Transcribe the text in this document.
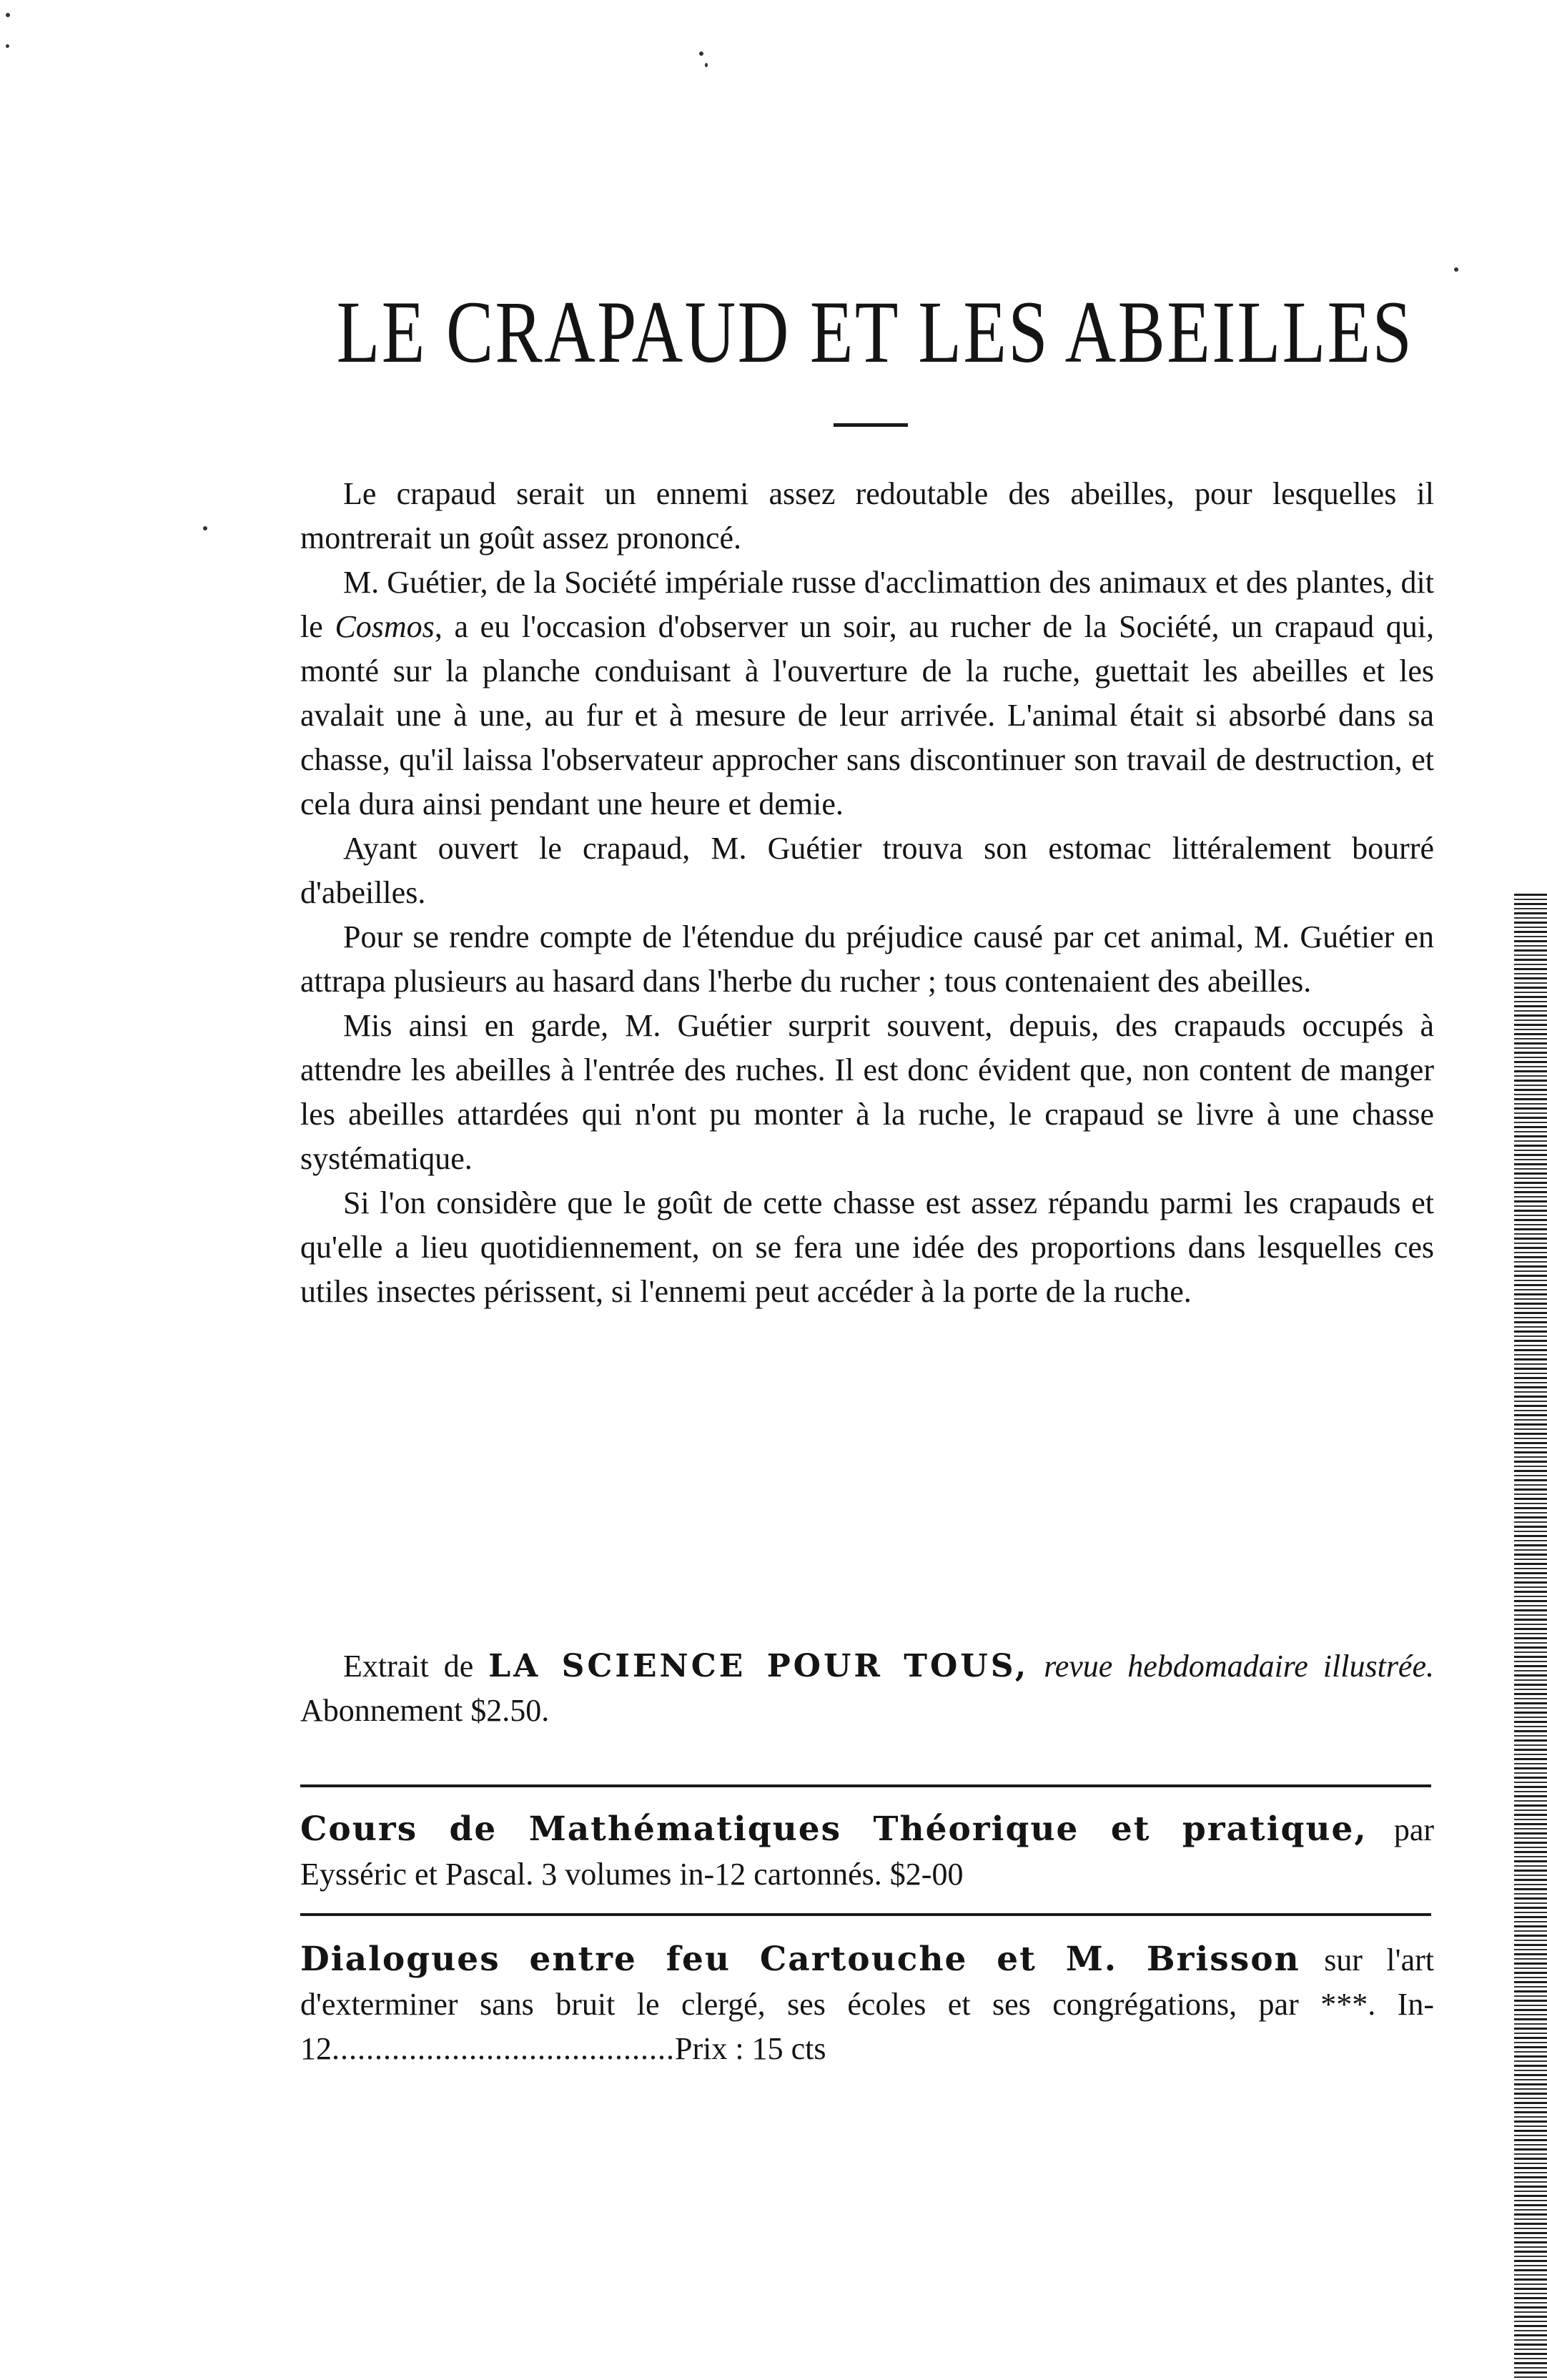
LE CRAPAUD ET LES ABEILLES

Le crapaud serait un ennemi assez redoutable des abeilles, pour lesquelles il montrerait un goût assez prononcé.

M. Guétier, de la Société impériale russe d'acclimattion des animaux et des plantes, dit le Cosmos, a eu l'occasion d'observer un soir, au rucher de la Société, un crapaud qui, monté sur la planche conduisant à l'ouverture de la ruche, guettait les abeilles et les avalait une à une, au fur et à mesure de leur arrivée. L'animal était si absorbé dans sa chasse, qu'il laissa l'observateur approcher sans discontinuer son travail de destruction, et cela dura ainsi pendant une heure et demie.

Ayant ouvert le crapaud, M. Guétier trouva son estomac littéralement bourré d'abeilles.

Pour se rendre compte de l'étendue du préjudice causé par cet animal, M. Guétier en attrapa plusieurs au hasard dans l'herbe du rucher ; tous contenaient des abeilles.

Mis ainsi en garde, M. Guétier surprit souvent, depuis, des crapauds occupés à attendre les abeilles à l'entrée des ruches. Il est donc évident que, non content de manger les abeilles attardées qui n'ont pu monter à la ruche, le crapaud se livre à une chasse systématique.

Si l'on considère que le goût de cette chasse est assez répandu parmi les crapauds et qu'elle a lieu quotidiennement, on se fera une idée des proportions dans lesquelles ces utiles insectes périssent, si l'ennemi peut accéder à la porte de la ruche.

Extrait de LA SCIENCE POUR TOUS, revue hebdomadaire illustrée. Abonnement $2.50.

Cours de Mathématiques Théorique et pratique, par Eysséric et Pascal. 3 volumes in-12 cartonnés. $2-00

Dialogues entre feu Cartouche et M. Brisson sur l'art d'exterminer sans bruit le clergé, ses écoles et ses congrégations, par ***. In-12........................................Prix : 15 cts
